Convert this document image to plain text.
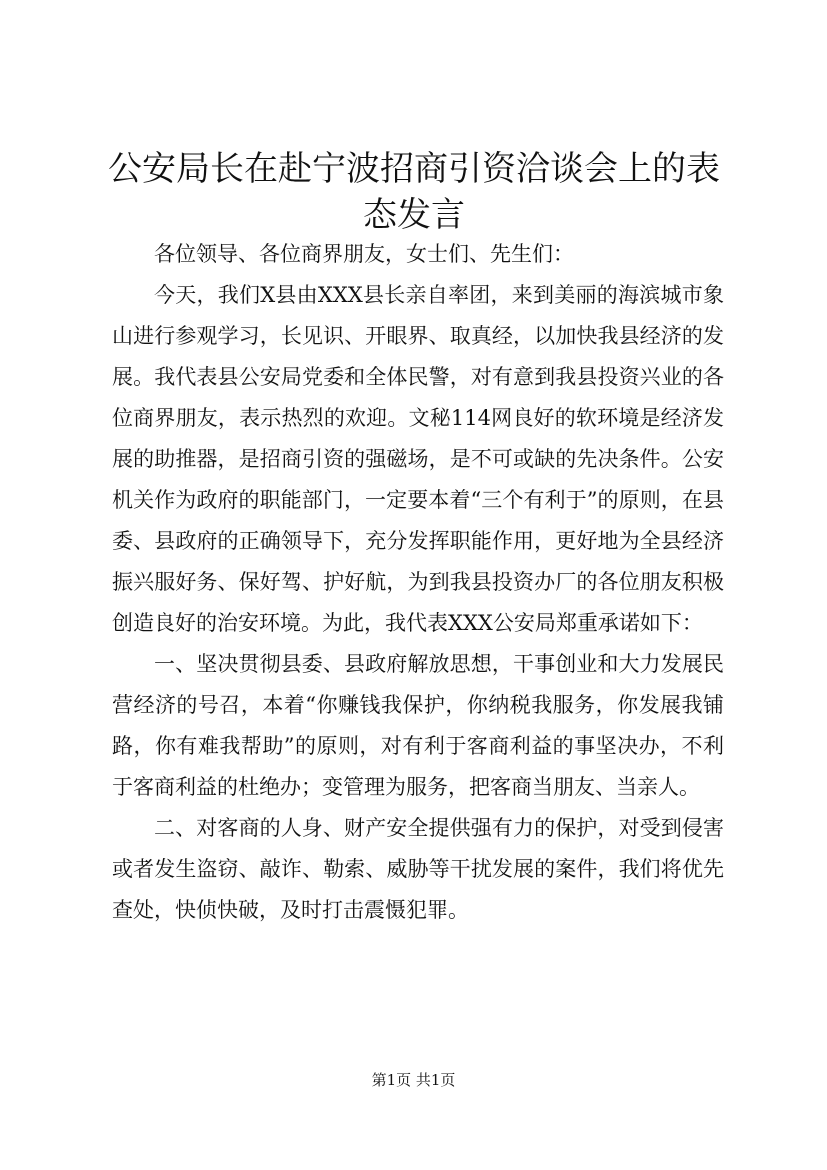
公安局长在赴宁波招商引资洽谈会上的表态发言

各位领导、各位商界朋友，女士们、先生们：

今天，我们X县由XXX县长亲自率团，来到美丽的海滨城市象山进行参观学习，长见识、开眼界、取真经，以加快我县经济的发展。我代表县公安局党委和全体民警，对有意到我县投资兴业的各位商界朋友，表示热烈的欢迎。文秘114网良好的软环境是经济发展的助推器，是招商引资的强磁场，是不可或缺的先决条件。公安机关作为政府的职能部门，一定要本着“三个有利于”的原则，在县委、县政府的正确领导下，充分发挥职能作用，更好地为全县经济振兴服好务、保好驾、护好航，为到我县投资办厂的各位朋友积极创造良好的治安环境。为此，我代表XXX公安局郑重承诺如下：

一、坚决贯彻县委、县政府解放思想，干事创业和大力发展民营经济的号召，本着“你赚钱我保护，你纳税我服务，你发展我铺路，你有难我帮助”的原则，对有利于客商利益的事坚决办，不利于客商利益的杜绝办；变管理为服务，把客商当朋友、当亲人。

二、对客商的人身、财产安全提供强有力的保护，对受到侵害或者发生盗窃、敲诈、勒索、威胁等干扰发展的案件，我们将优先查处，快侦快破，及时打击震慑犯罪。

第1页 共1页
